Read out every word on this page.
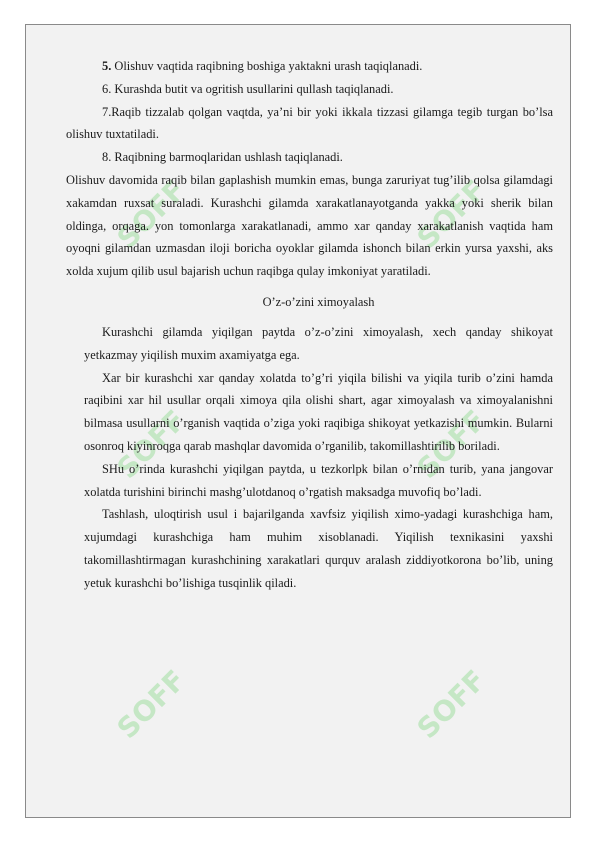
SOFF	SOFF
SOFF	SOFF
SOFF	SOFF

5. Olishuv vaqtida raqibning boshiga yaktakni urash taqiqlanadi.

6. Kurashda butit va ogritish usullarini qullash taqiqlanadi.

7.Raqib tizzalab qolgan vaqtda, ya’ni bir yoki ikkala tizzasi gilamga tegib turgan bo’lsa olishuv tuxtatiladi.

8. Raqibning barmoqlaridan ushlash taqiqlanadi.

Olishuv davomida raqib bilan gaplashish mumkin emas, bunga zaruriyat tug’ilib qolsa gilamdagi xakamdan ruxsat suraladi. Kurashchi gilamda xarakatlanayotganda yakka yoki sherik bilan oldinga, orqaga. yon tomonlarga xarakatlanadi, ammo xar qanday xarakatlanish vaqtida ham oyoqni gilamdan uzmasdan iloji boricha oyoklar gilamda ishonch bilan erkin yursa yaxshi, aks xolda xujum qilib usul bajarish uchun raqibga qulay imkoniyat yaratiladi.

O’z-o’zini ximoyalash

Kurashchi gilamda yiqilgan paytda o’z-o’zini ximoyalash, xech qanday shikoyat yetkazmay yiqilish muxim axamiyatga ega.

Xar bir kurashchi xar qanday xolatda to’g’ri yiqila bilishi va yiqila turib o’zini hamda raqibini xar hil usullar orqali ximoya qila olishi shart, agar ximoyalash va ximoyalanishni bilmasa usullarni o’rganish vaqtida o’ziga yoki raqibiga shikoyat yetkazishi mumkin. Bularni osonroq kiyinroqga qarab mashqlar davomida o’rganilib, takomillashtirilib boriladi.

SHu o’rinda kurashchi yiqilgan paytda, u tezkorlpk bilan o’rnidan turib, yana jangovar xolatda turishini birinchi mashg’ulotdanoq o’rgatish maksadga muvofiq bo’ladi.

Tashlash, uloqtirish usul i bajarilganda xavfsiz yiqilish ximo-yadagi kurashchiga ham, xujumdagi kurashchiga ham muhim xisoblanadi. Yiqilish texnikasini yaxshi takomillashtirmagan kurashchining xarakatlari qurquv aralash ziddiyotkorona bo’lib, uning yetuk kurashchi bo’lishiga tusqinlik qiladi.
